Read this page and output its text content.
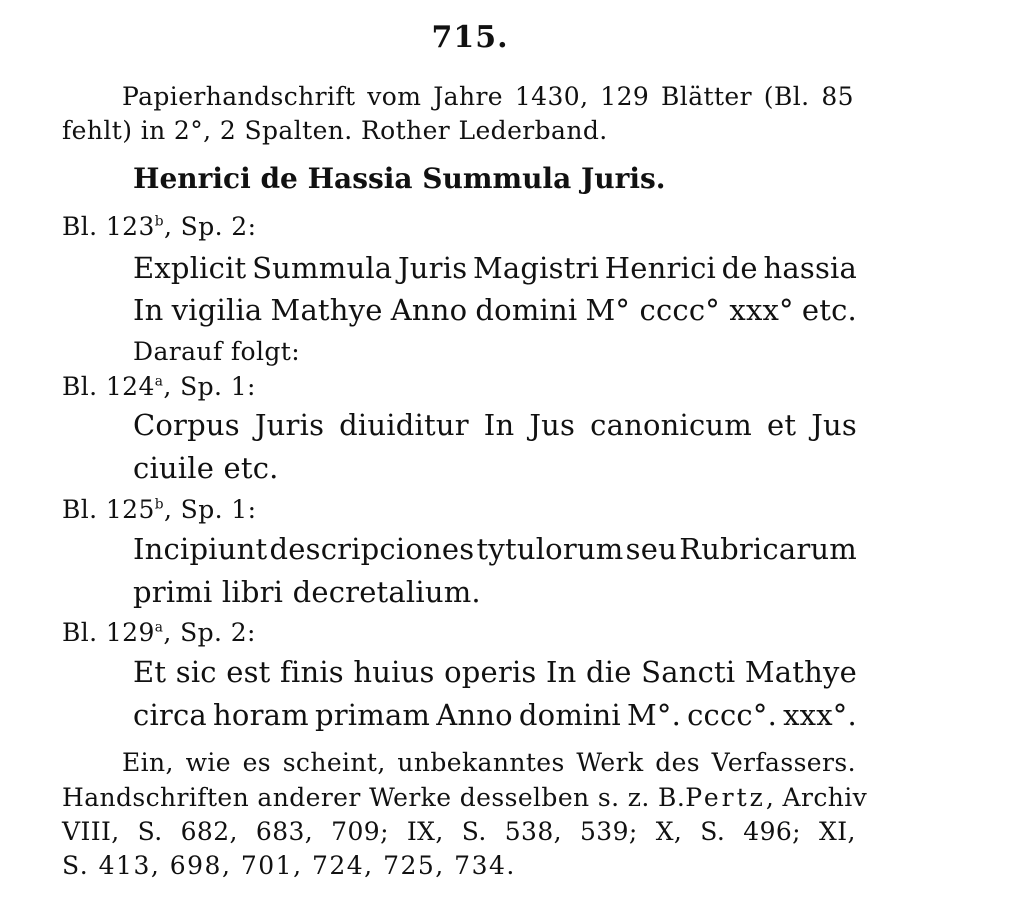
715.
Papierhandschrift vom Jahre 1430, 129 Blätter (Bl. 85
fehlt) in 2°, 2 Spalten. Rother Lederband.
Henrici de Hassia Summula Juris.
Bl. 123$^b$, Sp. 2:
Explicit Summula Juris Magistri Henrici de hassia
In vigilia Mathye Anno domini M° cccc° xxx° etc.
Darauf folgt:
Bl. 124$^a$, Sp. 1:
Corpus Juris diuiditur In Jus canonicum et Jus
ciuile etc.
Bl. 125$^b$, Sp. 1:
Incipiunt descripciones tytulorum seu Rubricarum
primi libri decretalium.
Bl. 129$^a$, Sp. 2:
Et sic est finis huius operis In die Sancti Mathye
circa horam primam Anno domini M°. cccc°. xxx°.
Ein, wie es scheint, unbekanntes Werk des Verfassers.
Handschriften anderer Werke desselben s. z. B. Pertz, Archiv
VIII, S. 682, 683, 709; IX, S. 538, 539; X, S. 496; XI,
S. 413, 698, 701, 724, 725, 734.
